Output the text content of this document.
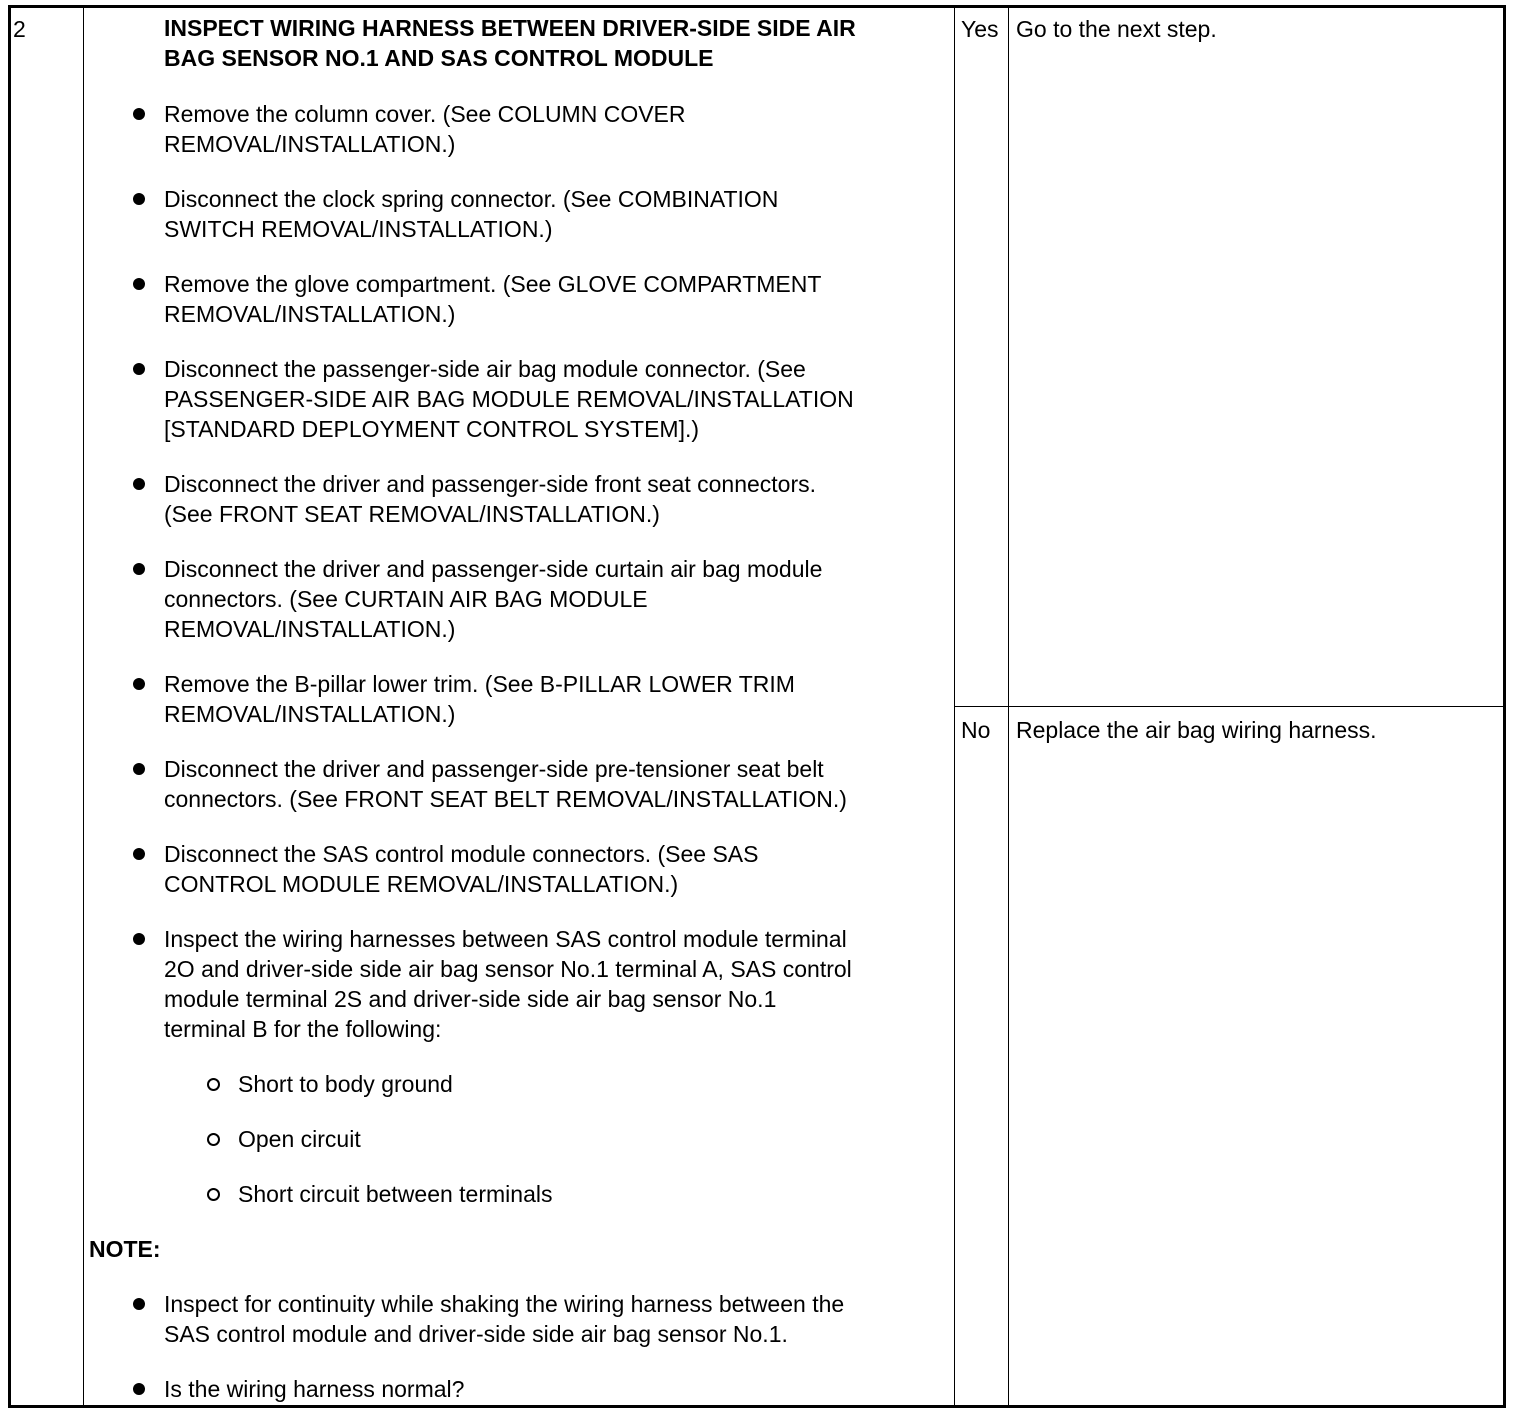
2	INSPECT WIRING HARNESS BETWEEN DRIVER-SIDE SIDE AIR
BAG SENSOR NO.1 AND SAS CONTROL MODULE
Remove the column cover. (See COLUMN COVER
REMOVAL/INSTALLATION.)
Disconnect the clock spring connector. (See COMBINATION
SWITCH REMOVAL/INSTALLATION.)
Remove the glove compartment. (See GLOVE COMPARTMENT
REMOVAL/INSTALLATION.)
Disconnect the passenger-side air bag module connector. (See
PASSENGER-SIDE AIR BAG MODULE REMOVAL/INSTALLATION
[STANDARD DEPLOYMENT CONTROL SYSTEM].)
Disconnect the driver and passenger-side front seat connectors.
(See FRONT SEAT REMOVAL/INSTALLATION.)
Disconnect the driver and passenger-side curtain air bag module
connectors. (See CURTAIN AIR BAG MODULE
REMOVAL/INSTALLATION.)
Remove the B-pillar lower trim. (See B-PILLAR LOWER TRIM
REMOVAL/INSTALLATION.)
Disconnect the driver and passenger-side pre-tensioner seat belt
connectors. (See FRONT SEAT BELT REMOVAL/INSTALLATION.)
Disconnect the SAS control module connectors. (See SAS
CONTROL MODULE REMOVAL/INSTALLATION.)
Inspect the wiring harnesses between SAS control module terminal
2O and driver-side side air bag sensor No.1 terminal A, SAS control
module terminal 2S and driver-side side air bag sensor No.1
terminal B for the following:
Short to body ground
Open circuit
Short circuit between terminals
NOTE:
Inspect for continuity while shaking the wiring harness between the
SAS control module and driver-side side air bag sensor No.1.
Is the wiring harness normal?
Yes Go to the next step.
No Replace the air bag wiring harness.
